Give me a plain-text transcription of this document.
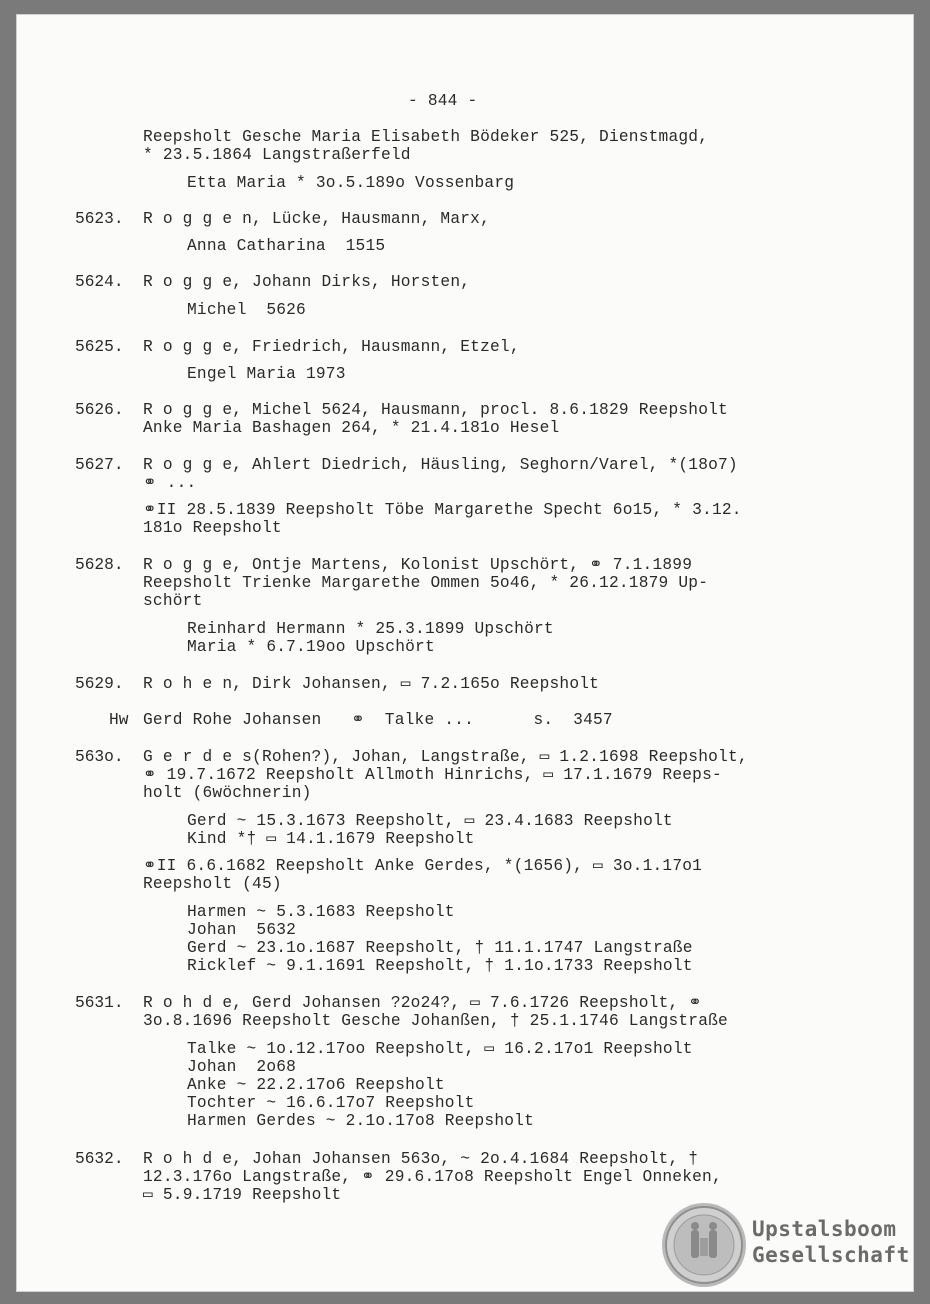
- 844 -
Reepsholt Gesche Maria Elisabeth Bödeker 525, Dienstmagd,
* 23.5.1864 Langstraßerfeld
Etta Maria * 3o.5.189o Vossenbarg
5623. R o g g e n, Lücke, Hausmann, Marx,
Anna Catharina  1515
5624. R o g g e, Johann Dirks, Horsten,
Michel  5626
5625. R o g g e, Friedrich, Hausmann, Etzel,
Engel Maria 1973
5626. R o g g e, Michel 5624, Hausmann, procl. 8.6.1829 Reepsholt
Anke Maria Bashagen 264, * 21.4.181o Hesel
5627. R o g g e, Ahlert Diedrich, Häusling, Seghorn/Varel, *(18o7)
⚭ ...
⚭II 28.5.1839 Reepsholt Töbe Margarethe Specht 6o15, * 3.12.
181o Reepsholt
5628. R o g g e, Ontje Martens, Kolonist Upschört, ⚭ 7.1.1899
Reepsholt Trienke Margarethe Ommen 5o46, * 26.12.1879 Up-
schört
Reinhard Hermann * 25.3.1899 Upschört
Maria * 6.7.19oo Upschört
5629. R o h e n, Dirk Johansen, ▭ 7.2.165o Reepsholt
Hw Gerd Rohe Johansen   ⚭  Talke ...      s.  3457
563o. G e r d e s(Rohen?), Johan, Langstraße, ▭ 1.2.1698 Reepsholt,
⚭ 19.7.1672 Reepsholt Allmoth Hinrichs, ▭ 17.1.1679 Reeps-
holt (6wöchnerin)
Gerd ~ 15.3.1673 Reepsholt, ▭ 23.4.1683 Reepsholt
Kind *† ▭ 14.1.1679 Reepsholt
⚭II 6.6.1682 Reepsholt Anke Gerdes, *(1656), ▭ 3o.1.17o1
Reepsholt (45)
Harmen ~ 5.3.1683 Reepsholt
Johan  5632
Gerd ~ 23.1o.1687 Reepsholt, † 11.1.1747 Langstraße
Ricklef ~ 9.1.1691 Reepsholt, † 1.1o.1733 Reepsholt
5631. R o h d e, Gerd Johansen ?2o24?, ▭ 7.6.1726 Reepsholt, ⚭
3o.8.1696 Reepsholt Gesche Johanßen, † 25.1.1746 Langstraße
Talke ~ 1o.12.17oo Reepsholt, ▭ 16.2.17o1 Reepsholt
Johan  2o68
Anke ~ 22.2.17o6 Reepsholt
Tochter ~ 16.6.17o7 Reepsholt
Harmen Gerdes ~ 2.1o.17o8 Reepsholt
5632. R o h d e, Johan Johansen 563o, ~ 2o.4.1684 Reepsholt, †
12.3.176o Langstraße, ⚭ 29.6.17o8 Reepsholt Engel Onneken,
▭ 5.9.1719 Reepsholt
Upstalsboom
Gesellschaft
